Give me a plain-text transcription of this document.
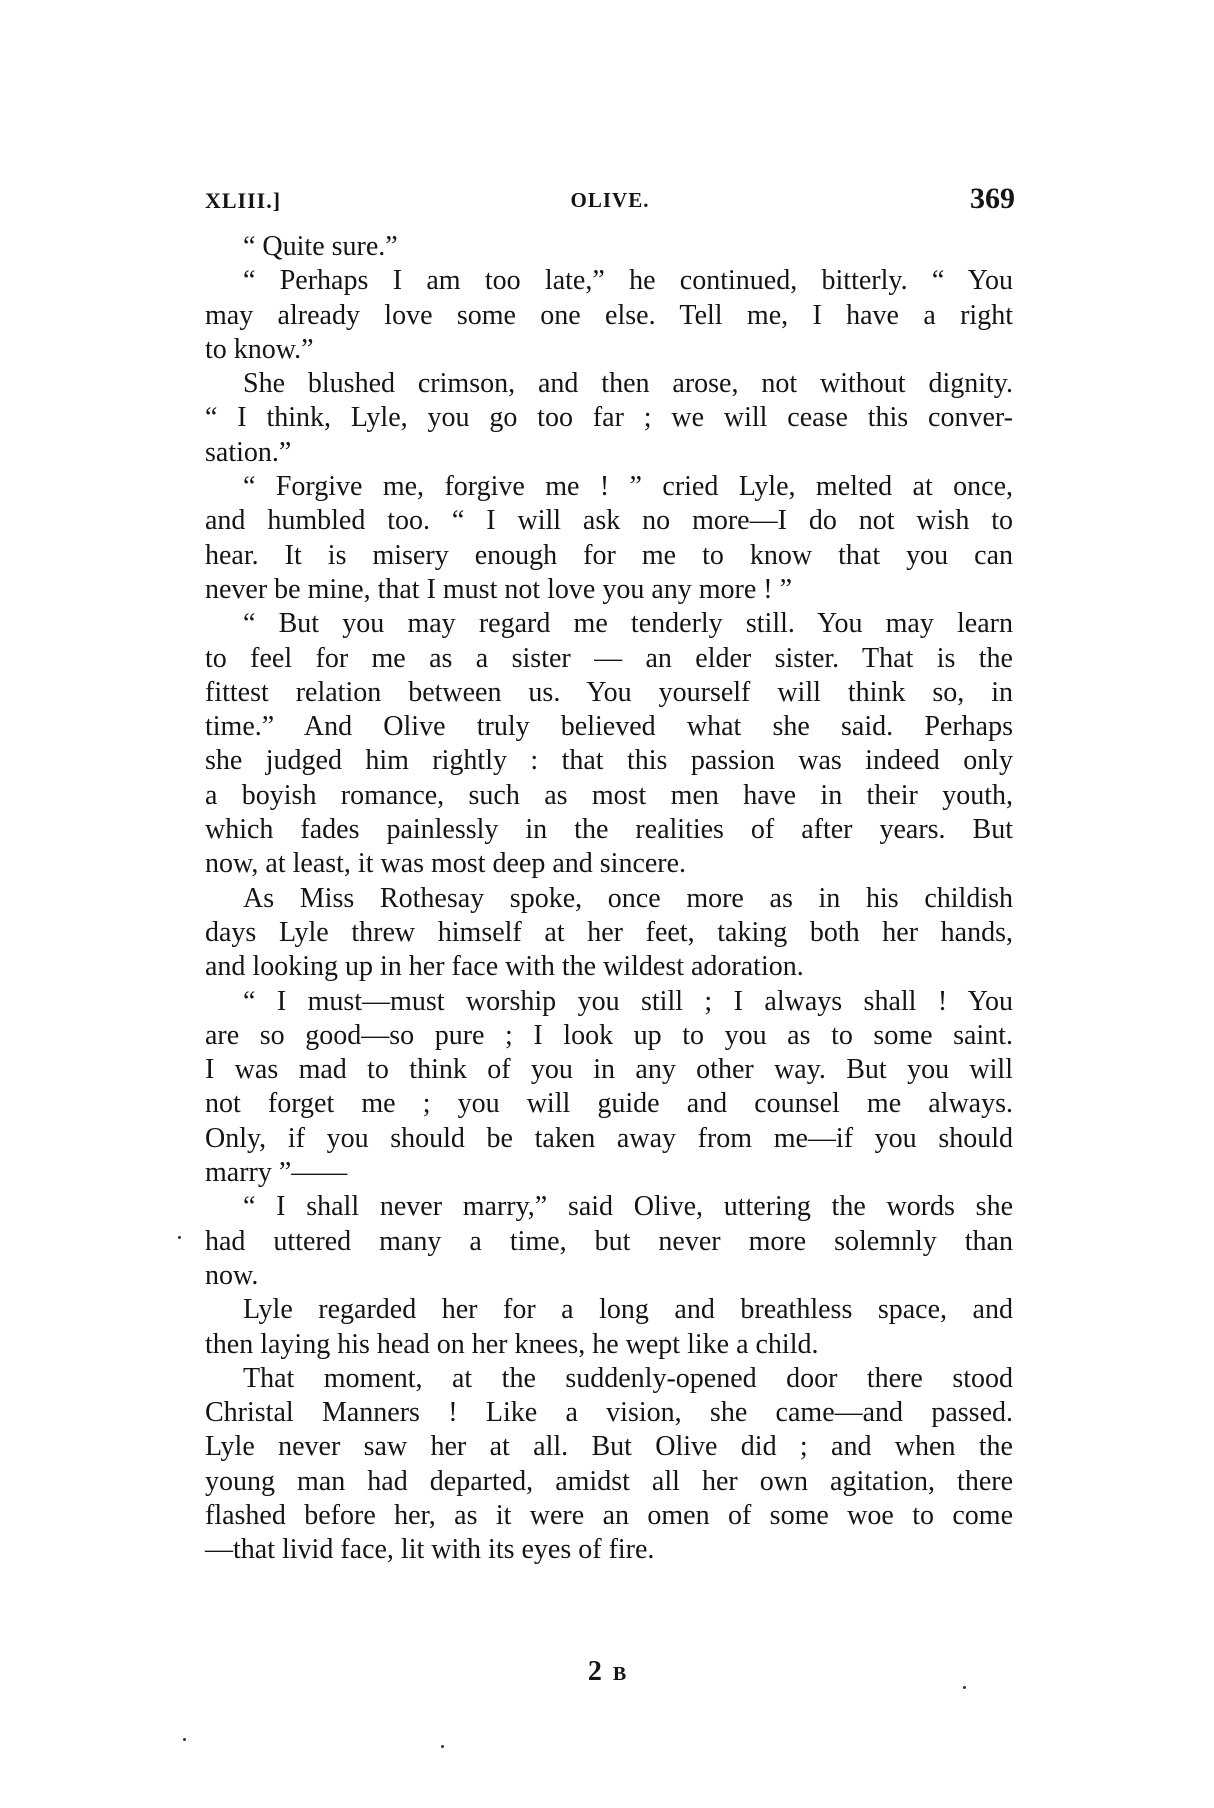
XLIII.]	OLIVE.	369
“ Quite sure.”
“ Perhaps I am too late,” he continued, bitterly. “ You
may already love some one else. Tell me, I have a right
to know.”
She blushed crimson, and then arose, not without dignity.
“ I think, Lyle, you go too far ; we will cease this conver-
sation.”
“ Forgive me, forgive me ! ” cried Lyle, melted at once,
and humbled too. “ I will ask no more—I do not wish to
hear. It is misery enough for me to know that you can
never be mine, that I must not love you any more ! ”
“ But you may regard me tenderly still. You may learn
to feel for me as a sister — an elder sister. That is the
fittest relation between us. You yourself will think so, in
time.” And Olive truly believed what she said. Perhaps
she judged him rightly : that this passion was indeed only
a boyish romance, such as most men have in their youth,
which fades painlessly in the realities of after years. But
now, at least, it was most deep and sincere.
As Miss Rothesay spoke, once more as in his childish
days Lyle threw himself at her feet, taking both her hands,
and looking up in her face with the wildest adoration.
“ I must—must worship you still ; I always shall ! You
are so good—so pure ; I look up to you as to some saint.
I was mad to think of you in any other way. But you will
not forget me ; you will guide and counsel me always.
Only, if you should be taken away from me—if you should
marry ”——
“ I shall never marry,” said Olive, uttering the words she
had uttered many a time, but never more solemnly than
now.
Lyle regarded her for a long and breathless space, and
then laying his head on her knees, he wept like a child.
That moment, at the suddenly-opened door there stood
Christal Manners ! Like a vision, she came—and passed.
Lyle never saw her at all. But Olive did ; and when the
young man had departed, amidst all her own agitation, there
flashed before her, as it were an omen of some woe to come
—that livid face, lit with its eyes of fire.
2 B
